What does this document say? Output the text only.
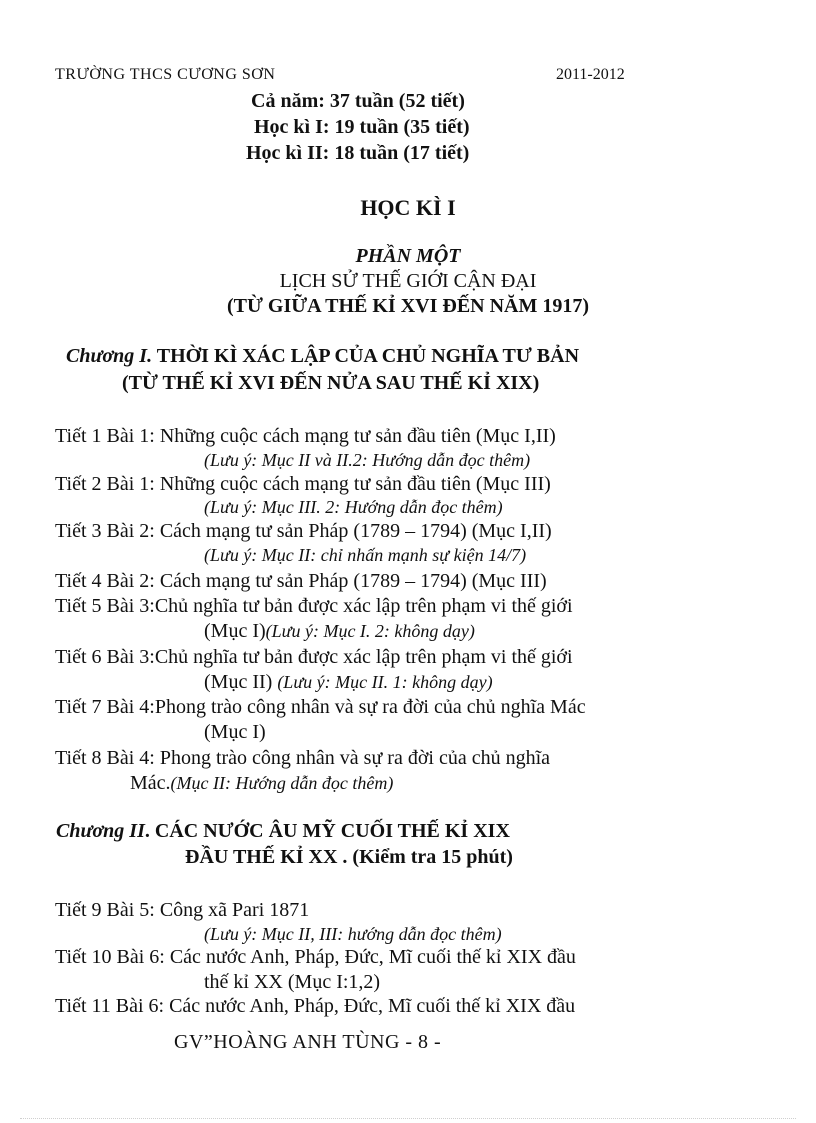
TRƯỜNG THCS CƯƠNG SƠN	2011-2012
Cả năm: 37 tuần (52 tiết)
Học kì I: 19 tuần (35 tiết)
Học kì II: 18 tuần (17 tiết)
HỌC KÌ I
PHẦN MỘT
LỊCH SỬ THẾ GIỚI CẬN ĐẠI
(TỪ GIỮA THẾ KỈ XVI ĐẾN NĂM 1917)
Chương I. THỜI KÌ XÁC LẬP CỦA CHỦ NGHĨA TƯ BẢN
(TỪ THẾ KỈ XVI ĐẾN NỬA SAU THẾ KỈ XIX)
Tiết 1 Bài 1: Những cuộc cách mạng tư sản đầu tiên (Mục I,II)
(Lưu ý: Mục II và II.2: Hướng dẫn đọc thêm)
Tiết 2 Bài 1: Những cuộc cách mạng tư sản đầu tiên (Mục III)
(Lưu ý: Mục III. 2: Hướng dẫn đọc thêm)
Tiết 3 Bài 2: Cách mạng tư sản Pháp (1789 – 1794) (Mục I,II)
(Lưu ý: Mục II: chỉ nhấn mạnh sự kiện 14/7)
Tiết 4 Bài 2: Cách mạng tư sản Pháp (1789 – 1794) (Mục III)
Tiết 5 Bài 3:Chủ nghĩa tư bản được xác lập trên phạm vi thế giới
(Mục I)(Lưu ý: Mục I. 2: không dạy)
Tiết 6 Bài 3:Chủ nghĩa tư bản được xác lập trên phạm vi thế giới
(Mục II) (Lưu ý: Mục II. 1: không dạy)
Tiết 7 Bài 4:Phong trào công nhân và sự ra đời của chủ nghĩa Mác
(Mục I)
Tiết 8 Bài 4: Phong trào công nhân và sự ra đời của chủ nghĩa
Mác.(Mục II: Hướng dẫn đọc thêm)
Chương II. CÁC NƯỚC ÂU MỸ CUỐI THẾ KỈ XIX
ĐẦU THẾ KỈ XX . (Kiểm tra 15 phút)
Tiết 9 Bài 5: Công xã Pari 1871
(Lưu ý: Mục II, III: hướng dẫn đọc thêm)
Tiết 10 Bài 6: Các nước Anh, Pháp, Đức, Mĩ cuối thế kỉ XIX đầu
thế kỉ XX (Mục I:1,2)
Tiết 11 Bài 6: Các nước Anh, Pháp, Đức, Mĩ cuối thế kỉ XIX đầu
GV”HOÀNG ANH TÙNG - 8 -
